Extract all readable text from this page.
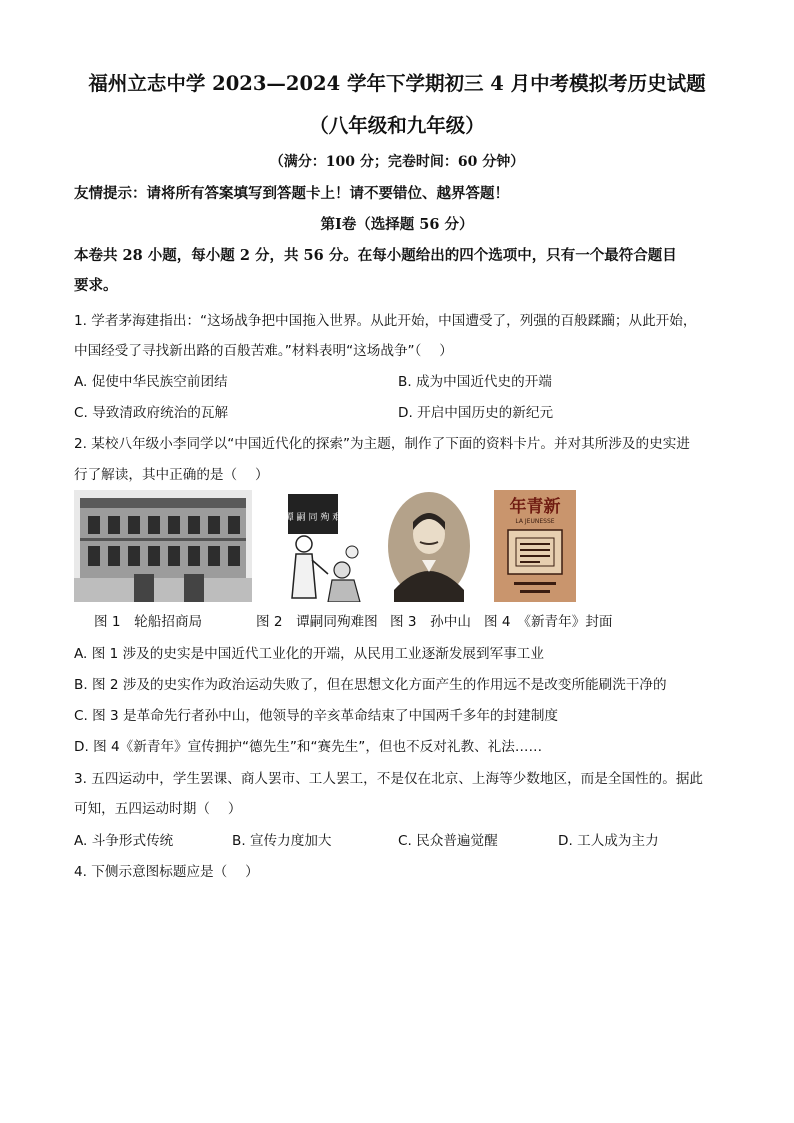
福州立志中学 2023—2024 学年下学期初三 4 月中考模拟考历史试题
（八年级和九年级）
（满分：100 分；完卷时间：60 分钟）
友情提示：请将所有答案填写到答题卡上！请不要错位、越界答题！
第Ⅰ卷（选择题 56 分）
本卷共 28 小题，每小题 2 分，共 56 分。在每小题给出的四个选项中，只有一个最符合题目
要求。
1. 学者茅海建指出：“这场战争把中国拖入世界。从此开始，中国遭受了，列强的百般蹂躏；从此开始，
中国经受了寻找新出路的百般苦难。”材料表明“这场战争”（　 ）
A. 促使中华民族空前团结	B. 成为中国近代史的开端
C. 导致清政府统治的瓦解	D. 开启中国历史的新纪元
2. 某校八年级小李同学以“中国近代化的探索”为主题，制作了下面的资料卡片。并对其所涉及的史实进
行了解读，其中正确的是（　 ）
谭 嗣 同 殉 难
年青新
LA JEUNESSE
图 1　轮船招商局	图 2　谭嗣同殉难图 图 3　孙中山 图 4　《新青年》封面
A. 图 1 涉及的史实是中国近代工业化的开端，从民用工业逐渐发展到军事工业
B. 图 2 涉及的史实作为政治运动失败了，但在思想文化方面产生的作用远不是改变所能刷洗干净的
C. 图 3 是革命先行者孙中山，他领导的辛亥革命结束了中国两千多年的封建制度
D. 图 4《新青年》宣传拥护“德先生”和“赛先生”，但也不反对礼教、礼法……
3. 五四运动中，学生罢课、商人罢市、工人罢工，不是仅在北京、上海等少数地区，而是全国性的。据此
可知，五四运动时期（　 ）
A. 斗争形式传统	B. 宣传力度加大	C. 民众普遍觉醒	D. 工人成为主力
4. 下侧示意图标题应是（　 ）
